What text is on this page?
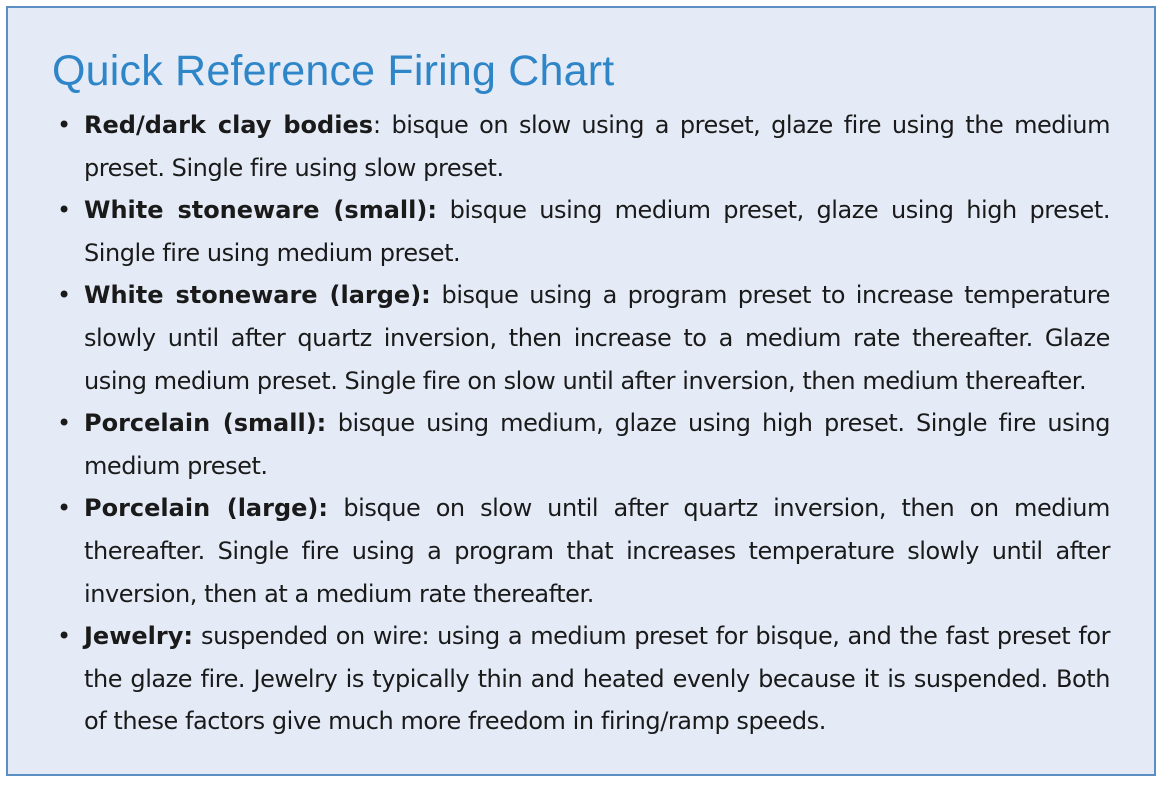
Quick Reference Firing Chart
• Red/dark clay bodies: bisque on slow using a preset, glaze fire using the medium preset. Single fire using slow preset.
• White stoneware (small): bisque using medium preset, glaze using high preset. Single fire using medium preset.
• White stoneware (large): bisque using a program preset to increase temperature slowly until after quartz inversion, then increase to a medium rate thereafter. Glaze using medium preset. Single fire on slow until after inversion, then medium thereafter.
• Porcelain (small): bisque using medium, glaze using high preset. Single fire using medium preset.
• Porcelain (large): bisque on slow until after quartz inversion, then on medium thereafter. Single fire using a program that increases temperature slowly until after inversion, then at a medium rate thereafter.
• Jewelry: suspended on wire: using a medium preset for bisque, and the fast preset for the glaze fire. Jewelry is typically thin and heated evenly because it is suspended. Both of these factors give much more freedom in firing/ramp speeds.
